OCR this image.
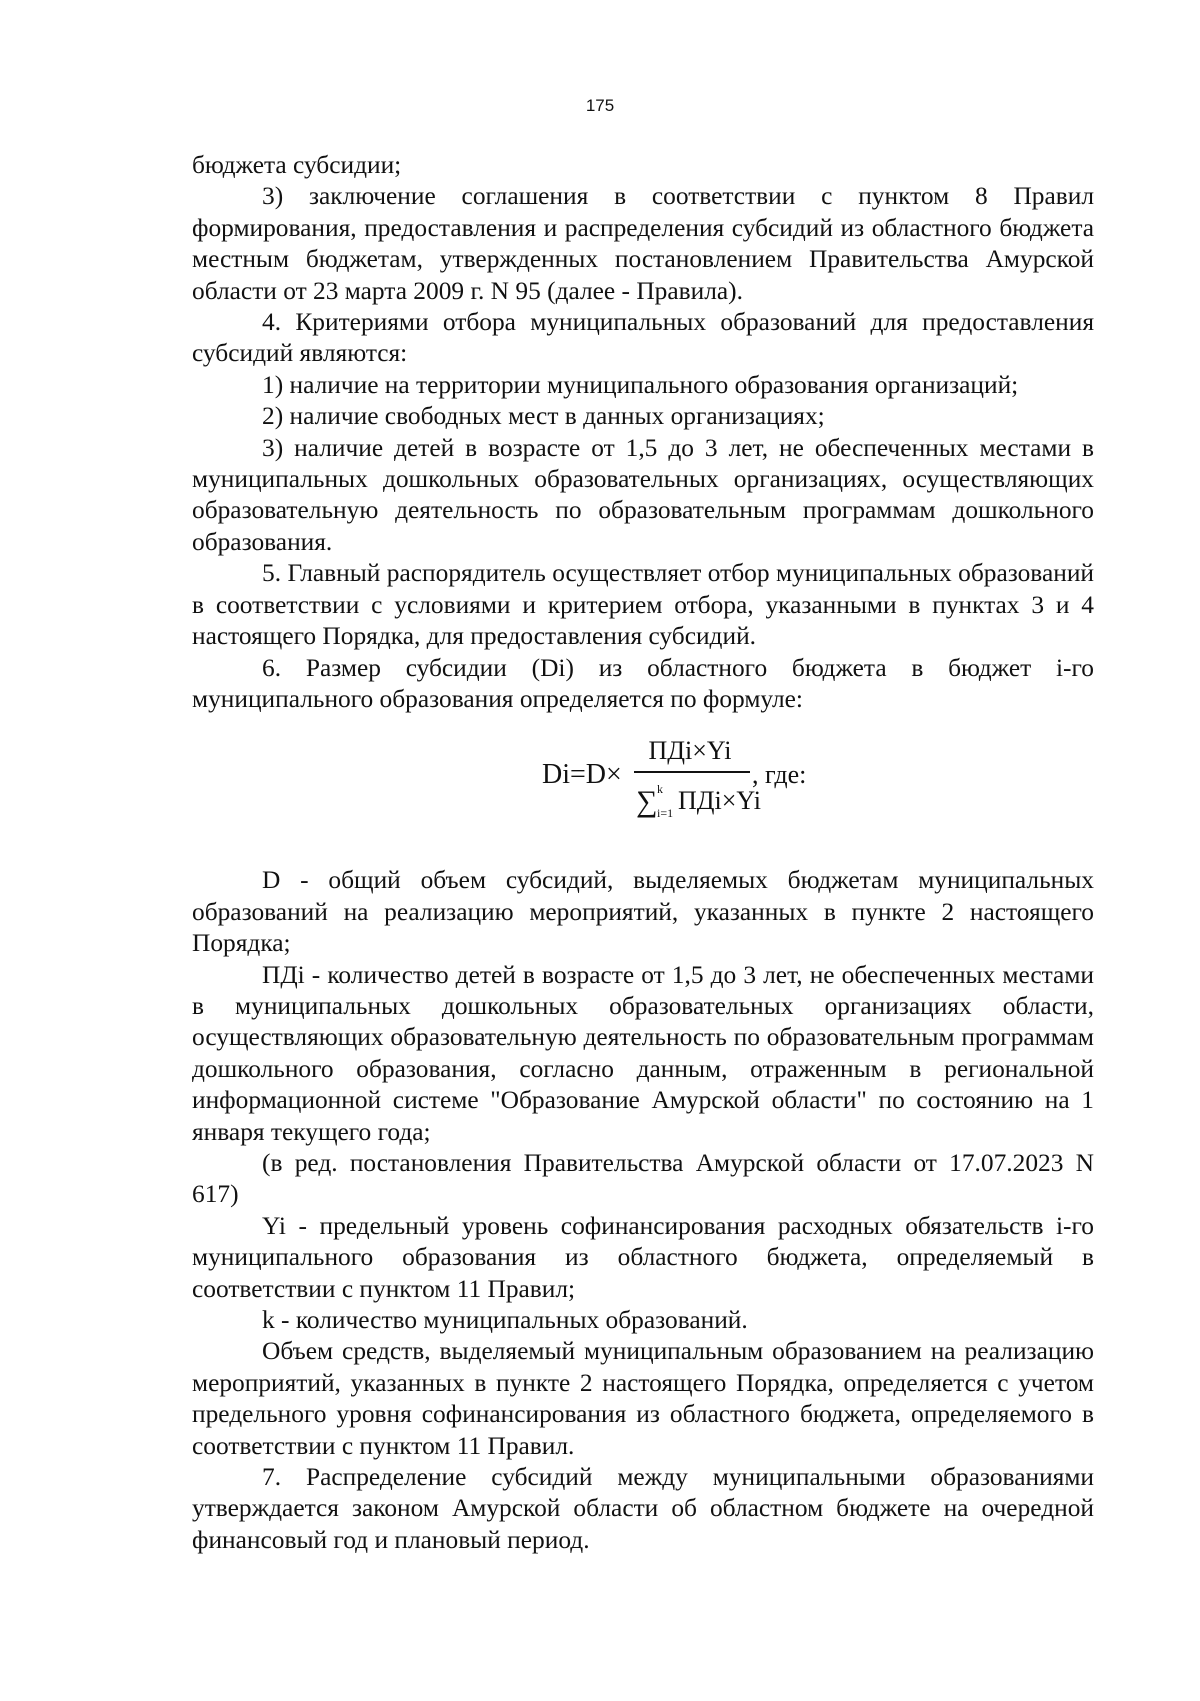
175

бюджета субсидии;

3) заключение соглашения в соответствии с пунктом 8 Правил формирования, предоставления и распределения субсидий из областного бюджета местным бюджетам, утвержденных постановлением Правительства Амурской области от 23 марта 2009 г. N 95 (далее - Правила).

4. Критериями отбора муниципальных образований для предоставления субсидий являются:

1) наличие на территории муниципального образования организаций;

2) наличие свободных мест в данных организациях;

3) наличие детей в возрасте от 1,5 до 3 лет, не обеспеченных местами в муниципальных дошкольных образовательных организациях, осуществляющих образовательную деятельность по образовательным программам дошкольного образования.

5. Главный распорядитель осуществляет отбор муниципальных образований в соответствии с условиями и критерием отбора, указанными в пунктах 3 и 4 настоящего Порядка, для предоставления субсидий.

6. Размер субсидии (Di) из областного бюджета в бюджет i-го муниципального образования определяется по формуле:

Di=D×
ПДi×Yi
∑ k
i=1 ПДi×Yi
, где:

D - общий объем субсидий, выделяемых бюджетам муниципальных образований на реализацию мероприятий, указанных в пункте 2 настоящего Порядка;

ПДi - количество детей в возрасте от 1,5 до 3 лет, не обеспеченных местами в муниципальных дошкольных образовательных организациях области, осуществляющих образовательную деятельность по образовательным программам дошкольного образования, согласно данным, отраженным в региональной информационной системе "Образование Амурской области" по состоянию на 1 января текущего года;

(в ред. постановления Правительства Амурской области от 17.07.2023 N 617)

Yi - предельный уровень софинансирования расходных обязательств i-го муниципального образования из областного бюджета, определяемый в соответствии с пунктом 11 Правил;

k - количество муниципальных образований.

Объем средств, выделяемый муниципальным образованием на реализацию мероприятий, указанных в пункте 2 настоящего Порядка, определяется с учетом предельного уровня софинансирования из областного бюджета, определяемого в соответствии с пунктом 11 Правил.

7. Распределение субсидий между муниципальными образованиями утверждается законом Амурской области об областном бюджете на очередной финансовый год и плановый период.
